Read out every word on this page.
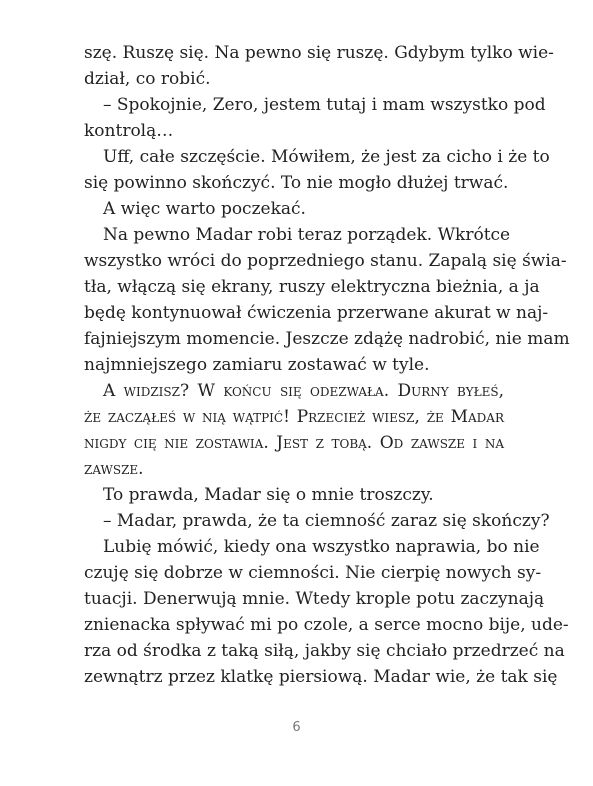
szę. Ruszę się. Na pewno się ruszę. Gdybym tylko wie-
dział, co robić.
– Spokojnie, Zero, jestem tutaj i mam wszystko pod
kontrolą…
Uff, całe szczęście. Mówiłem, że jest za cicho i że to
się powinno skończyć. To nie mogło dłużej trwać.
A więc warto poczekać.
Na pewno Madar robi teraz porządek. Wkrótce
wszystko wróci do poprzedniego stanu. Zapalą się świa-
tła, włączą się ekrany, ruszy elektryczna bieżnia, a ja
będę kontynuował ćwiczenia przerwane akurat w naj-
fajniejszym momencie. Jeszcze zdążę nadrobić, nie mam
najmniejszego zamiaru zostawać w tyle.
A widzisz? W końcu się odezwała. Durny byłeś,
że zacząłeś w nią wątpić! Przecież wiesz, że Madar
nigdy cię nie zostawia. Jest z tobą. Od zawsze i na
zawsze.
To prawda, Madar się o mnie troszczy.
– Madar, prawda, że ta ciemność zaraz się skończy?
Lubię mówić, kiedy ona wszystko naprawia, bo nie
czuję się dobrze w ciemności. Nie cierpię nowych sy-
tuacji. Denerwują mnie. Wtedy krople potu zaczynają
znienacka spływać mi po czole, a serce mocno bije, ude-
rza od środka z taką siłą, jakby się chciało przedrzeć na
zewnątrz przez klatkę piersiową. Madar wie, że tak się
6
